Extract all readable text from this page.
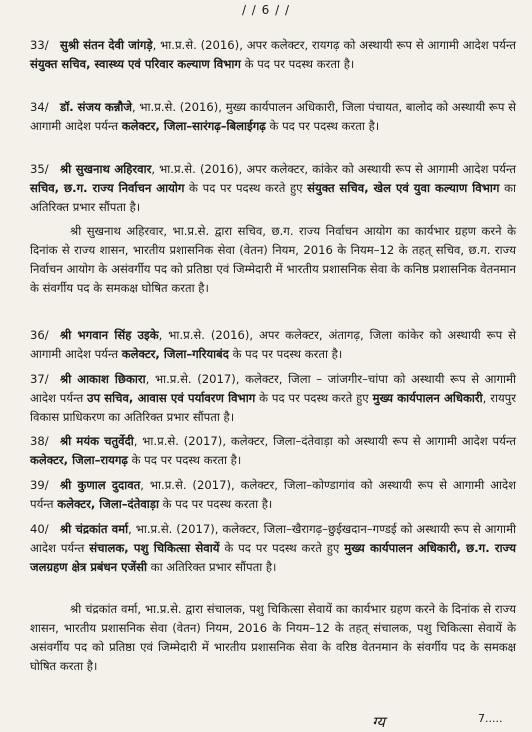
/ / 6 / /
33/ सुश्री संतन देवी जांगड़े, भा.प्र.से. (2016), अपर कलेक्टर, रायगढ़ को अस्थायी रूप से आगामी आदेश पर्यन्त संयुक्त सचिव, स्वास्थ्य एवं परिवार कल्याण विभाग के पद पर पदस्थ करता है।
34/ डॉ. संजय कन्नौजे, भा.प्र.से. (2016), मुख्य कार्यपालन अधिकारी, जिला पंचायत, बालोद को अस्थायी रूप से आगामी आदेश पर्यन्त कलेक्टर, जिला–सारंगढ़–बिलाईगढ़ के पद पर पदस्थ करता है।
35/ श्री सुखनाथ अहिरवार, भा.प्र.से. (2016), अपर कलेक्टर, कांकेर को अस्थायी रूप से आगामी आदेश पर्यन्त सचिव, छ.ग. राज्य निर्वाचन आयोग के पद पर पदस्थ करते हुए संयुक्त सचिव, खेल एवं युवा कल्याण विभाग का अतिरिक्त प्रभार सौंपता है।
श्री सुखनाथ अहिरवार, भा.प्र.से. द्वारा सचिव, छ.ग. राज्य निर्वाचन आयोग का कार्यभार ग्रहण करने के दिनांक से राज्य शासन, भारतीय प्रशासनिक सेवा (वेतन) नियम, 2016 के नियम–12 के तहत् सचिव, छ.ग. राज्य निर्वाचन आयोग के असंवर्गीय पद को प्रतिष्ठा एवं जिम्मेदारी में भारतीय प्रशासनिक सेवा के कनिष्ठ प्रशासनिक वेतनमान के संवर्गीय पद के समकक्ष घोषित करता है।
36/ श्री भगवान सिंह उइके, भा.प्र.से. (2016), अपर कलेक्टर, अंतागढ़, जिला कांकेर को अस्थायी रूप से आगामी आदेश पर्यन्त कलेक्टर, जिला–गरियाबंद के पद पर पदस्थ करता है।
37/ श्री आकाश छिकारा, भा.प्र.से. (2017), कलेक्टर, जिला – जांजगीर–चांपा को अस्थायी रूप से आगामी आदेश पर्यन्त उप सचिव, आवास एवं पर्यावरण विभाग के पद पर पदस्थ करते हुए मुख्य कार्यपालन अधिकारी, रायपुर विकास प्राधिकरण का अतिरिक्त प्रभार सौंपता है।
38/ श्री मयंक चतुर्वेदी, भा.प्र.से. (2017), कलेक्टर, जिला–दंतेवाड़ा को अस्थायी रूप से आगामी आदेश पर्यन्त कलेक्टर, जिला–रायगढ़ के पद पर पदस्थ करता है।
39/ श्री कुणाल दुदावत, भा.प्र.से. (2017), कलेक्टर, जिला–कोण्डागांव को अस्थायी रूप से आगामी आदेश पर्यन्त कलेक्टर, जिला–दंतेवाड़ा के पद पर पदस्थ करता है।
40/ श्री चंद्रकांत वर्मा, भा.प्र.से. (2017), कलेक्टर, जिला–खैरागढ़–छुईखदान–गण्डई को अस्थायी रूप से आगामी आदेश पर्यन्त संचालक, पशु चिकित्सा सेवायें के पद पर पदस्थ करते हुए मुख्य कार्यपालन अधिकारी, छ.ग. राज्य जलग्रहण क्षेत्र प्रबंधन एजेंसी का अतिरिक्त प्रभार सौंपता है।
श्री चंद्रकांत वर्मा, भा.प्र.से. द्वारा संचालक, पशु चिकित्सा सेवायें का कार्यभार ग्रहण करने के दिनांक से राज्य शासन, भारतीय प्रशासनिक सेवा (वेतन) नियम, 2016 के नियम–12 के तहत् संचालक, पशु चिकित्सा सेवायें के असंवर्गीय पद को प्रतिष्ठा एवं जिम्मेदारी में भारतीय प्रशासनिक सेवा के वरिष्ठ वेतनमान के संवर्गीय पद के समकक्ष घोषित करता है।
ग्य	7.....
